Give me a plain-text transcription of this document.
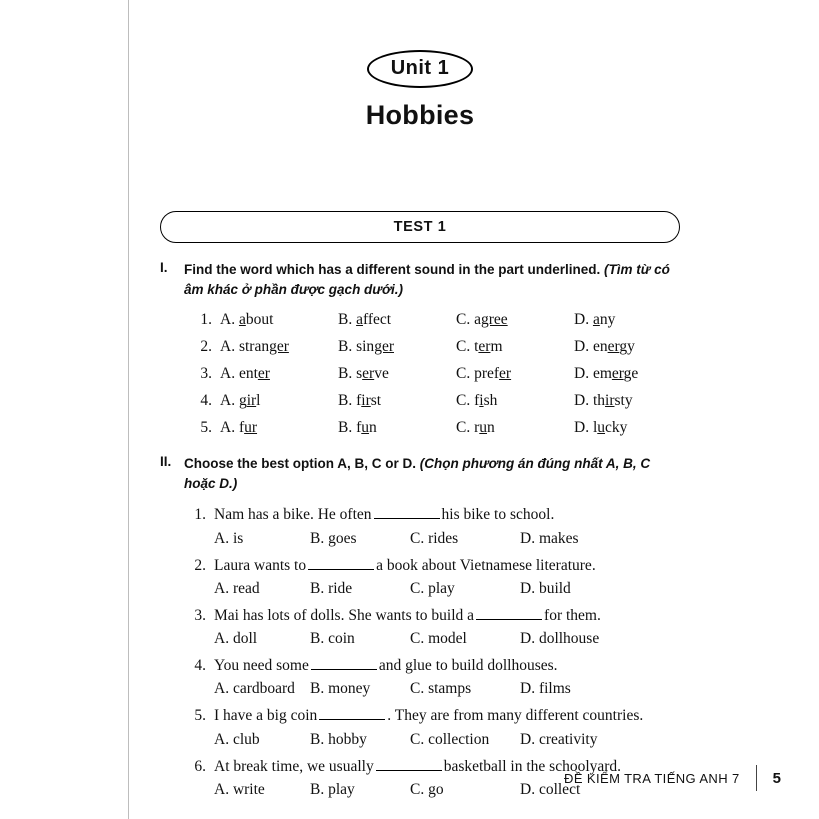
Unit 1
Hobbies
TEST 1
I.	Find the word which has a different sound in the part underlined. (Tìm từ có âm khác ở phần được gạch dưới.)
1. A. about	B. affect	C. agree	D. any
2. A. stranger	B. singer	C. term	D. energy
3. A. enter	B. serve	C. prefer	D. emerge
4. A. girl	B. first	C. fish	D. thirsty
5. A. fur	B. fun	C. run	D. lucky
II. Choose the best option A, B, C or D. (Chọn phương án đúng nhất A, B, C hoặc D.)
1. Nam has a bike. He often	his bike to school.
A. is	B. goes	C. rides	D. makes
2. Laura wants to	a book about Vietnamese literature.
A. read	B. ride	C. play	D. build
3. Mai has lots of dolls. She wants to build a	for them.
A. doll	B. coin	C. model	D. dollhouse
4. You need some	and glue to build dollhouses.
A. cardboard B. money	C. stamps	D. films
5. I have a big coin	. They are from many different countries.
A. club	B. hobby	C. collection	D. creativity
6. At break time, we usually	basketball in the schoolyard.
A. write	B. play	C. go	D. collect
ĐỀ KIỂM TRA TIẾNG ANH 7 5
